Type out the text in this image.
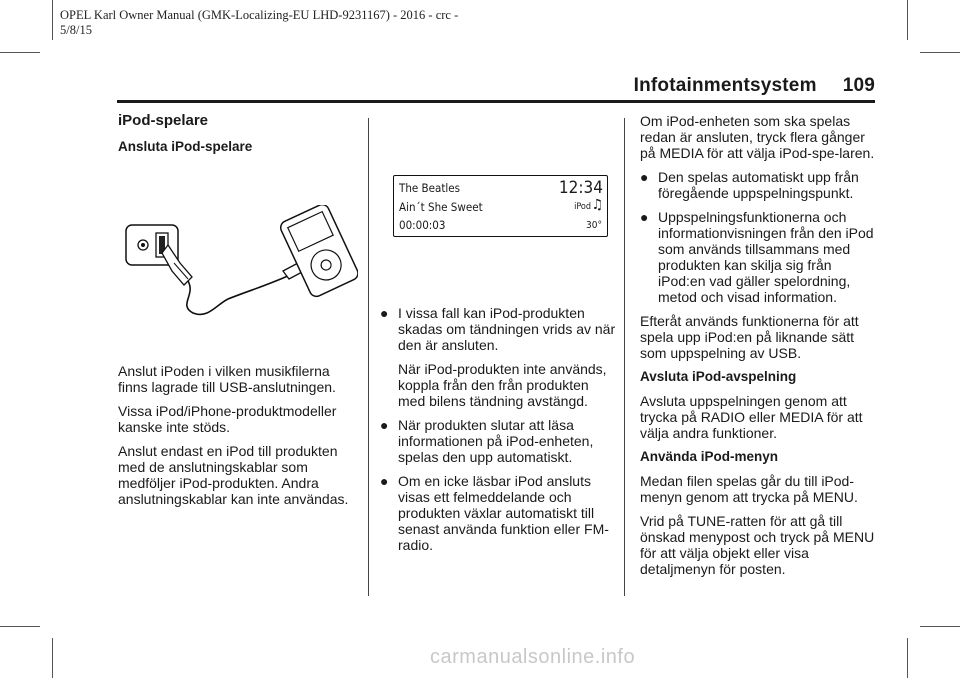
OPEL Karl Owner Manual (GMK-Localizing-EU LHD-9231167) - 2016 - crc -
5/8/15
Infotainmentsystem 109
iPod-spelare
Ansluta iPod-spelare

Anslut iPoden i vilken musikfilerna finns lagrade till USB-anslutningen.

Vissa iPod/iPhone-produktmodeller kanske inte stöds.

Anslut endast en iPod till produkten med de anslutningskablar som medföljer iPod-produkten. Andra anslutningskablar kan inte användas.

The Beatles
Ain´t She Sweet
00:00:03
12:34
iPod ♫
30°
● I vissa fall kan iPod-produkten skadas om tändningen vrids av när den är ansluten.
När iPod-produkten inte används, koppla från den från produkten med bilens tändning avstängd.
● När produkten slutar att läsa informationen på iPod-enheten, spelas den upp automatiskt.
● Om en icke läsbar iPod ansluts visas ett felmeddelande och produkten växlar automatiskt till senast använda funktion eller FM-radio.

Om iPod-enheten som ska spelas redan är ansluten, tryck flera gånger på MEDIA för att välja iPod-spe-laren.

● Den spelas automatiskt upp från föregående uppspelningspunkt.
● Uppspelningsfunktionerna och informationvisningen från den iPod som används tillsammans med produkten kan skilja sig från iPod:en vad gäller spelordning, metod och visad information.

Efteråt används funktionerna för att spela upp iPod:en på liknande sätt som uppspelning av USB.

Avsluta iPod-avspelning

Avsluta uppspelningen genom att trycka på RADIO eller MEDIA för att välja andra funktioner.

Använda iPod-menyn

Medan filen spelas går du till iPod-menyn genom att trycka på MENU.

Vrid på TUNE-ratten för att gå till önskad menypost och tryck på MENU för att välja objekt eller visa detaljmenyn för posten.

carmanualsonline.info
